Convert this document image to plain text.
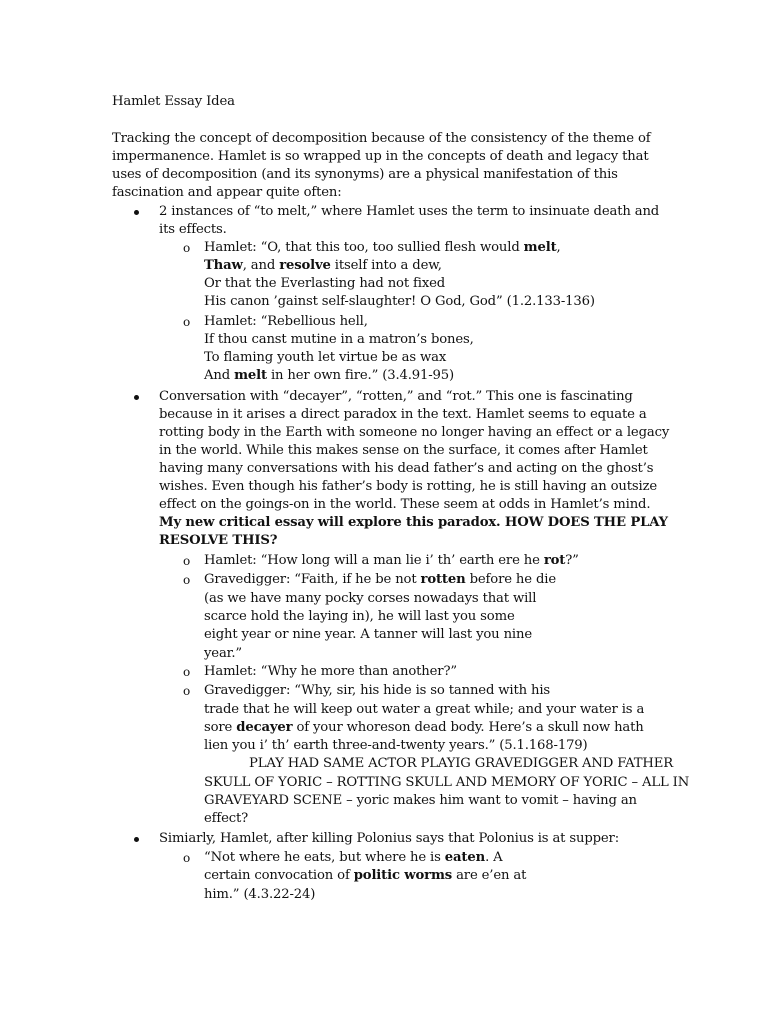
Hamlet Essay Idea
Tracking the concept of decomposition because of the consistency of the theme of
impermanence. Hamlet is so wrapped up in the concepts of death and legacy that
uses of decomposition (and its synonyms) are a physical manifestation of this
fascination and appear quite often:
2 instances of “to melt,” where Hamlet uses the term to insinuate death and
its effects.
o Hamlet: “O, that this too, too sullied flesh would melt,
Thaw, and resolve itself into a dew,
Or that the Everlasting had not fixed
His canon ’gainst self-slaughter! O God, God” (1.2.133-136)
o Hamlet: “Rebellious hell,
If thou canst mutine in a matron’s bones,
To flaming youth let virtue be as wax
And melt in her own fire.” (3.4.91-95)
Conversation with “decayer”, “rotten,” and “rot.” This one is fascinating
because in it arises a direct paradox in the text. Hamlet seems to equate a
rotting body in the Earth with someone no longer having an effect or a legacy
in the world. While this makes sense on the surface, it comes after Hamlet
having many conversations with his dead father’s and acting on the ghost’s
wishes. Even though his father’s body is rotting, he is still having an outsize
effect on the goings-on in the world. These seem at odds in Hamlet’s mind.
My new critical essay will explore this paradox. HOW DOES THE PLAY
RESOLVE THIS?
o Hamlet: “How long will a man lie i’ th’ earth ere he rot?”
o Gravedigger: “Faith, if he be not rotten before he die
(as we have many pocky corses nowadays that will
scarce hold the laying in), he will last you some
eight year or nine year. A tanner will last you nine
year.”
o Hamlet: “Why he more than another?”
o Gravedigger: “Why, sir, his hide is so tanned with his
trade that he will keep out water a great while; and your water is a
sore decayer of your whoreson dead body. Here’s a skull now hath
lien you i’ th’ earth three-and-twenty years.” (5.1.168-179)
PLAY HAD SAME ACTOR PLAYIG GRAVEDIGGER AND FATHER
SKULL OF YORIC – ROTTING SKULL AND MEMORY OF YORIC – ALL IN
GRAVEYARD SCENE – yoric makes him want to vomit – having an
effect?
Simiarly, Hamlet, after killing Polonius says that Polonius is at supper:
o “Not where he eats, but where he is eaten. A
certain convocation of politic worms are e’en at
him.” (4.3.22-24)
